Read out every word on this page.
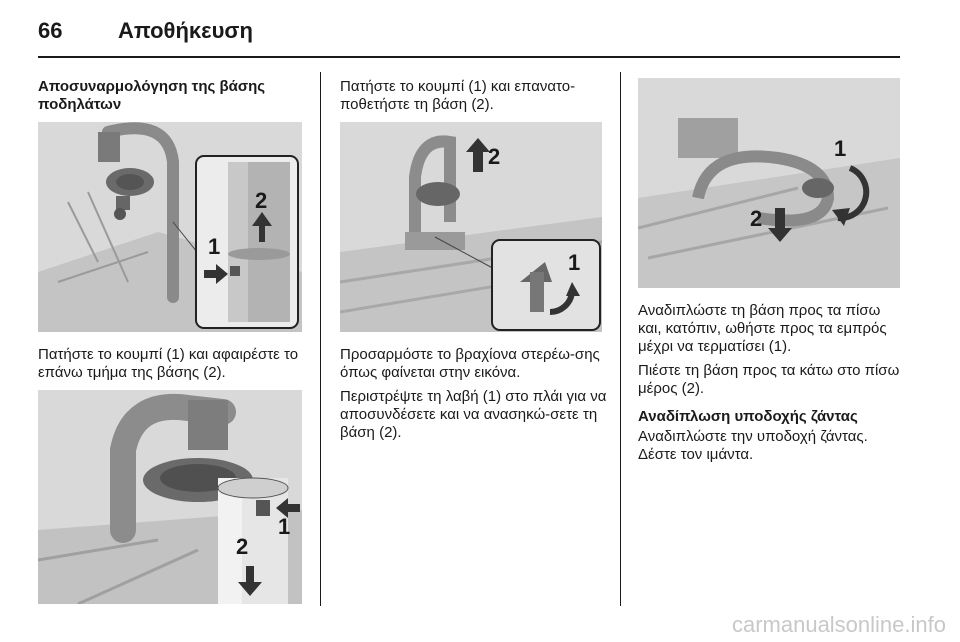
66	Αποθήκευση

Αποσυναρμολόγηση της βάσης ποδηλάτων

2
1

Πατήστε το κουμπί (1) και αφαιρέστε το επάνω τμήμα της βάσης (2).

1
2

Πατήστε το κουμπί (1) και επανατο-ποθετήστε τη βάση (2).

2
1

Προσαρμόστε το βραχίονα στερέω-σης όπως φαίνεται στην εικόνα.

Περιστρέψτε τη λαβή (1) στο πλάι για να αποσυνδέσετε και να ανασηκώ-σετε τη βάση (2).

1
2

Αναδιπλώστε τη βάση προς τα πίσω και, κατόπιν, ωθήστε προς τα εμπρός μέχρι να τερματίσει (1).

Πιέστε τη βάση προς τα κάτω στο πίσω μέρος (2).

Αναδίπλωση υποδοχής ζάντας

Αναδιπλώστε την υποδοχή ζάντας. Δέστε τον ιμάντα.

carmanualsonline.info
